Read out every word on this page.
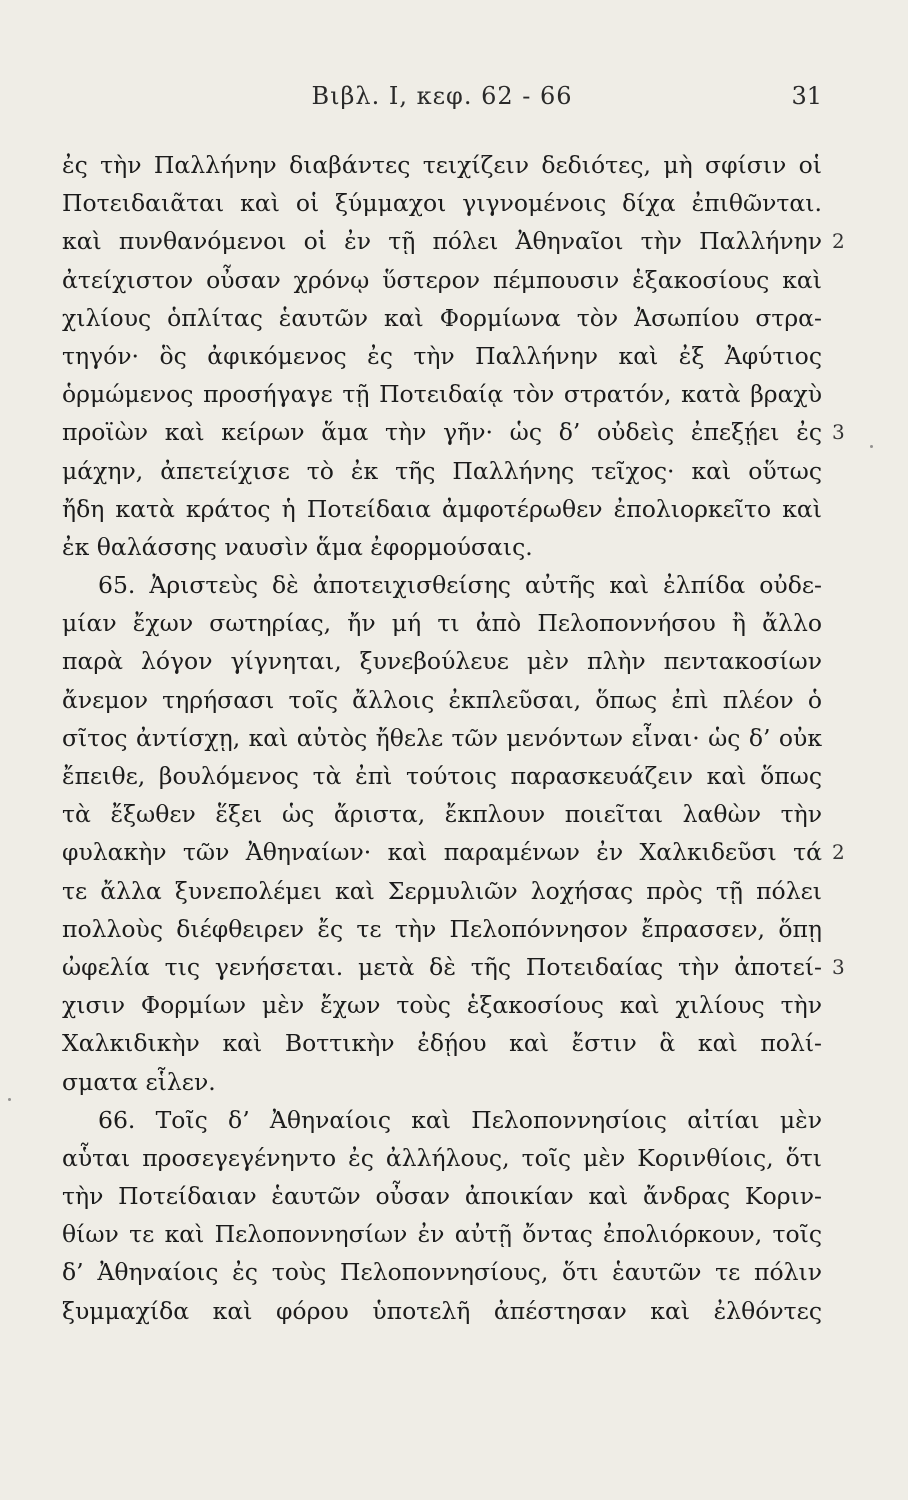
Βιβλ. I, κεφ. 62 - 66	31
ἐς τὴν Παλλήνην διαβάντες τειχίζειν δεδιότες, μὴ σφίσιν οἱ
Ποτειδαιᾶται καὶ οἱ ξύμμαχοι γιγνομένοις δίχα ἐπιθῶνται.
καὶ πυνθανόμενοι οἱ ἐν τῇ πόλει Ἀθηναῖοι τὴν Παλλήνην 2
ἀτείχιστον οὖσαν χρόνῳ ὕστερον πέμπουσιν ἑξακοσίους καὶ
χιλίους ὁπλίτας ἑαυτῶν καὶ Φορμίωνα τὸν Ἀσωπίου στρα-
τηγόν· ὃς ἀφικόμενος ἐς τὴν Παλλήνην καὶ ἐξ Ἀφύτιος
ὁρμώμενος προσήγαγε τῇ Ποτειδαίᾳ τὸν στρατόν, κατὰ βραχὺ
προϊὼν καὶ κείρων ἅμα τὴν γῆν· ὡς δ’ οὐδεὶς ἐπεξῄει ἐς 3
μάχην, ἀπετείχισε τὸ ἐκ τῆς Παλλήνης τεῖχος· καὶ οὕτως
ἤδη κατὰ κράτος ἡ Ποτείδαια ἀμφοτέρωθεν ἐπολιορκεῖτο καὶ
ἐκ θαλάσσης ναυσὶν ἅμα ἐφορμούσαις.
65. Ἀριστεὺς δὲ ἀποτειχισθείσης αὐτῆς καὶ ἐλπίδα οὐδε-
μίαν ἔχων σωτηρίας, ἤν μή τι ἀπὸ Πελοποννήσου ἢ ἄλλο
παρὰ λόγον γίγνηται, ξυνεβούλευε μὲν πλὴν πεντακοσίων
ἄνεμον τηρήσασι τοῖς ἄλλοις ἐκπλεῦσαι, ὅπως ἐπὶ πλέον ὁ
σῖτος ἀντίσχῃ, καὶ αὐτὸς ἤθελε τῶν μενόντων εἶναι· ὡς δ’ οὐκ
ἔπειθε, βουλόμενος τὰ ἐπὶ τούτοις παρασκευάζειν καὶ ὅπως
τὰ ἔξωθεν ἕξει ὡς ἄριστα, ἔκπλουν ποιεῖται λαθὼν τὴν
φυλακὴν τῶν Ἀθηναίων· καὶ παραμένων ἐν Χαλκιδεῦσι τά 2
τε ἄλλα ξυνεπολέμει καὶ Σερμυλιῶν λοχήσας πρὸς τῇ πόλει
πολλοὺς διέφθειρεν ἔς τε τὴν Πελοπόννησον ἔπρασσεν, ὅπῃ
ὠφελία τις γενήσεται. μετὰ δὲ τῆς Ποτειδαίας τὴν ἀποτεί- 3
χισιν Φορμίων μὲν ἔχων τοὺς ἑξακοσίους καὶ χιλίους τὴν
Χαλκιδικὴν καὶ Βοττικὴν ἐδῄου καὶ ἔστιν ἃ καὶ πολί-
σματα εἷλεν.
66. Τοῖς δ’ Ἀθηναίοις καὶ Πελοποννησίοις αἰτίαι μὲν
αὗται προσεγεγένηντο ἐς ἀλλήλους, τοῖς μὲν Κορινθίοις, ὅτι
τὴν Ποτείδαιαν ἑαυτῶν οὖσαν ἀποικίαν καὶ ἄνδρας Κοριν-
θίων τε καὶ Πελοποννησίων ἐν αὐτῇ ὄντας ἐπολιόρκουν, τοῖς
δ’ Ἀθηναίοις ἐς τοὺς Πελοποννησίους, ὅτι ἑαυτῶν τε πόλιν
ξυμμαχίδα καὶ φόρου ὑποτελῆ ἀπέστησαν καὶ ἐλθόντες
